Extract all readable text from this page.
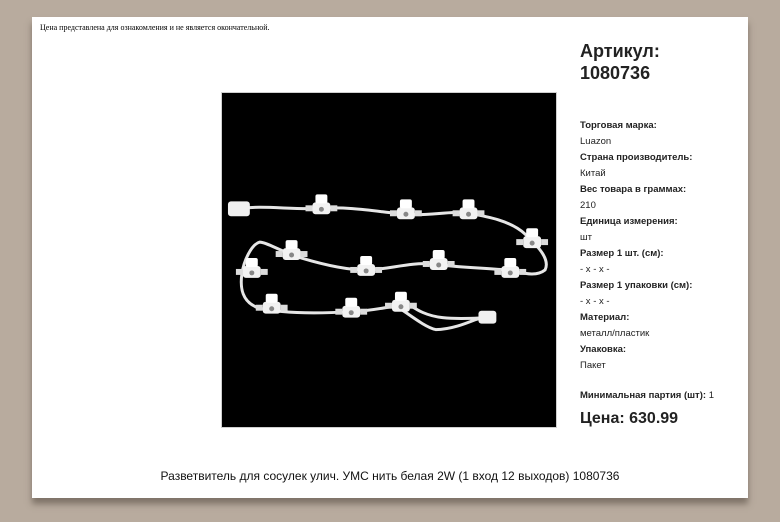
Цена представлена для ознакомления и не является окончательной.
Артикул:
1080736
Торговая марка:
Luazon
Страна производитель:
Китай
Вес товара в граммах:
210
Единица измерения:
шт
Размер 1 шт. (см):
- х - х -
Размер 1 упаковки (см):
- х - х -
Материал:
металл/пластик
Упаковка:
Пакет
Минимальная партия (шт): 1
Цена: 630.99
Разветвитель для сосулек улич. УМС нить белая 2W (1 вход 12 выходов) 1080736
